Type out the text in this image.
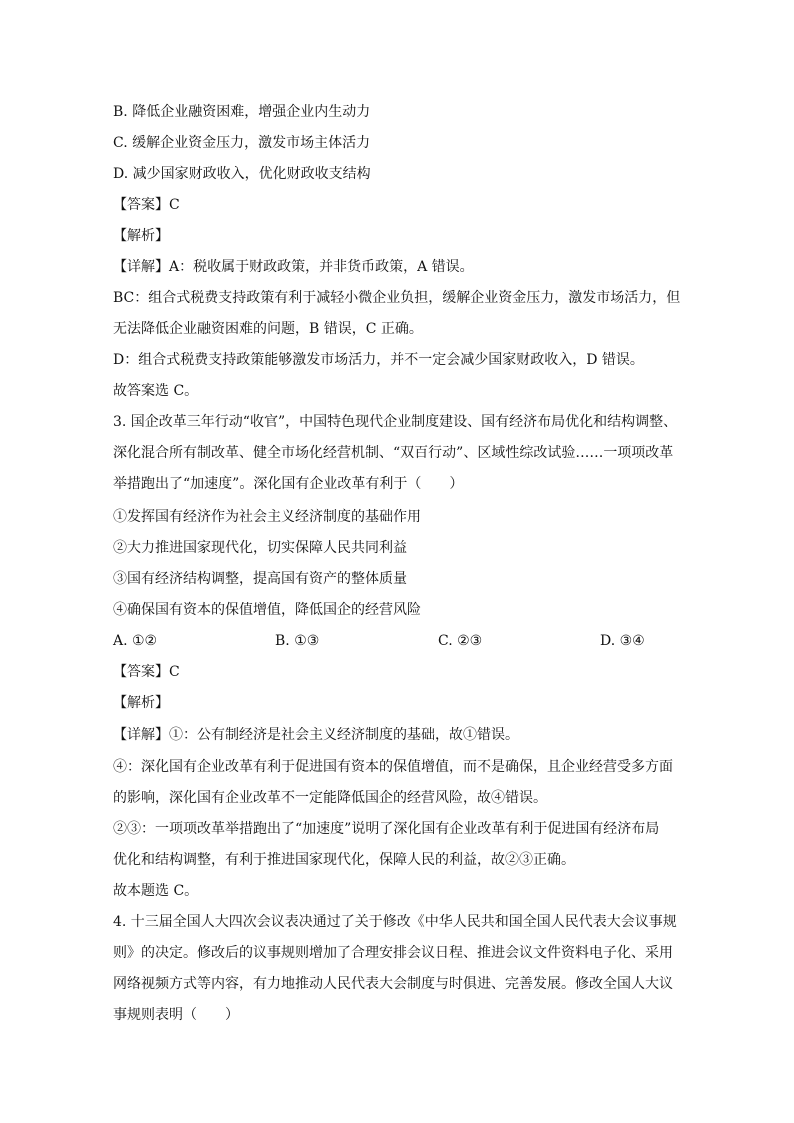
B. 降低企业融资困难，增强企业内生动力
C. 缓解企业资金压力，激发市场主体活力
D. 减少国家财政收入，优化财政收支结构
【答案】C
【解析】
【详解】A：税收属于财政政策，并非货币政策，A 错误。
BC：组合式税费支持政策有利于减轻小微企业负担，缓解企业资金压力，激发市场活力，但
无法降低企业融资困难的问题，B 错误，C 正确。
D：组合式税费支持政策能够激发市场活力，并不一定会减少国家财政收入，D 错误。
故答案选 C。
3. 国企改革三年行动“收官”，中国特色现代企业制度建设、国有经济布局优化和结构调整、
深化混合所有制改革、健全市场化经营机制、“双百行动”、区域性综改试验……一项项改革
举措跑出了“加速度”。深化国有企业改革有利于（　　）
①发挥国有经济作为社会主义经济制度的基础作用
②大力推进国家现代化，切实保障人民共同利益
③国有经济结构调整，提高国有资产的整体质量
④确保国有资本的保值增值，降低国企的经营风险
A. ①②	B. ①③	C. ②③	D. ③④
【答案】C
【解析】
【详解】①：公有制经济是社会主义经济制度的基础，故①错误。
④：深化国有企业改革有利于促进国有资本的保值增值，而不是确保，且企业经营受多方面
的影响，深化国有企业改革不一定能降低国企的经营风险，故④错误。
②③：一项项改革举措跑出了“加速度”说明了深化国有企业改革有利于促进国有经济布局
优化和结构调整，有利于推进国家现代化，保障人民的利益，故②③正确。
故本题选 C。
4. 十三届全国人大四次会议表决通过了关于修改《中华人民共和国全国人民代表大会议事规
则》的决定。修改后的议事规则增加了合理安排会议日程、推进会议文件资料电子化、采用
网络视频方式等内容，有力地推动人民代表大会制度与时俱进、完善发展。修改全国人大议
事规则表明（　　）
